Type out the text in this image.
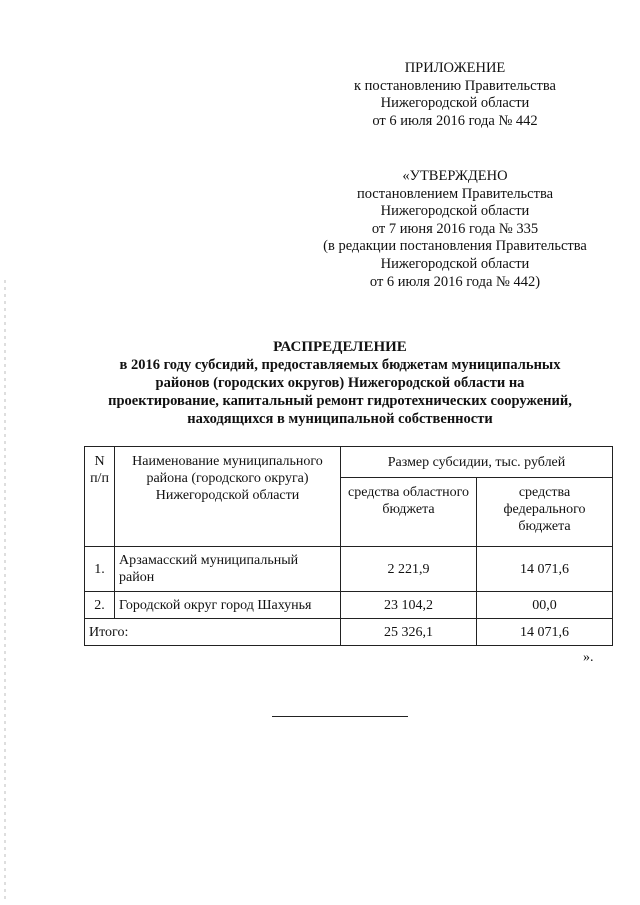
ПРИЛОЖЕНИЕ
к постановлению Правительства
Нижегородской области
от 6 июля 2016 года № 442
«УТВЕРЖДЕНО
постановлением Правительства
Нижегородской области
от 7 июня 2016 года № 335
(в редакции постановления Правительства
Нижегородской области
от 6 июля 2016 года № 442)
РАСПРЕДЕЛЕНИЕ
в 2016 году субсидий, предоставляемых бюджетам муниципальных
районов (городских округов) Нижегородской области на
проектирование, капитальный ремонт гидротехнических сооружений,
находящихся в муниципальной собственности
N п/п	Наименование муниципального района (городского округа) Нижегородской области	Размер субсидии, тыс. рублей	
		средства областного бюджета	средства федерального бюджета
1.	Арзамасский муниципальный район	2 221,9	14 071,6
2.	Городской округ город Шахунья	23 104,2	00,0
Итого:		25 326,1	14 071,6
».
